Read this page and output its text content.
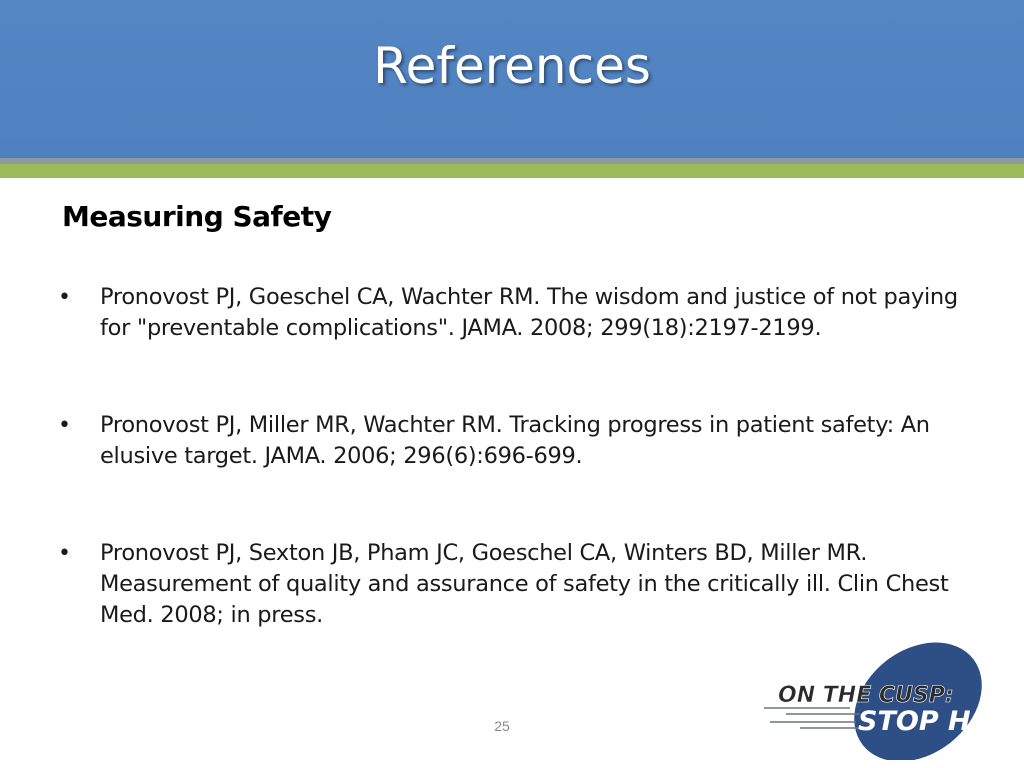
References
Measuring Safety
•	Pronovost PJ, Goeschel CA, Wachter RM. The wisdom and justice of not paying for "preventable complications". JAMA. 2008; 299(18):2197-2199.
•	Pronovost PJ, Miller MR, Wachter RM. Tracking progress in patient safety: An elusive target. JAMA. 2006; 296(6):696-699.
•	Pronovost PJ, Sexton JB, Pham JC, Goeschel CA, Winters BD, Miller MR. Measurement of quality and assurance of safety in the critically ill. Clin Chest Med. 2008; in press.
25
ON THE CUSP:
STOP HAI
